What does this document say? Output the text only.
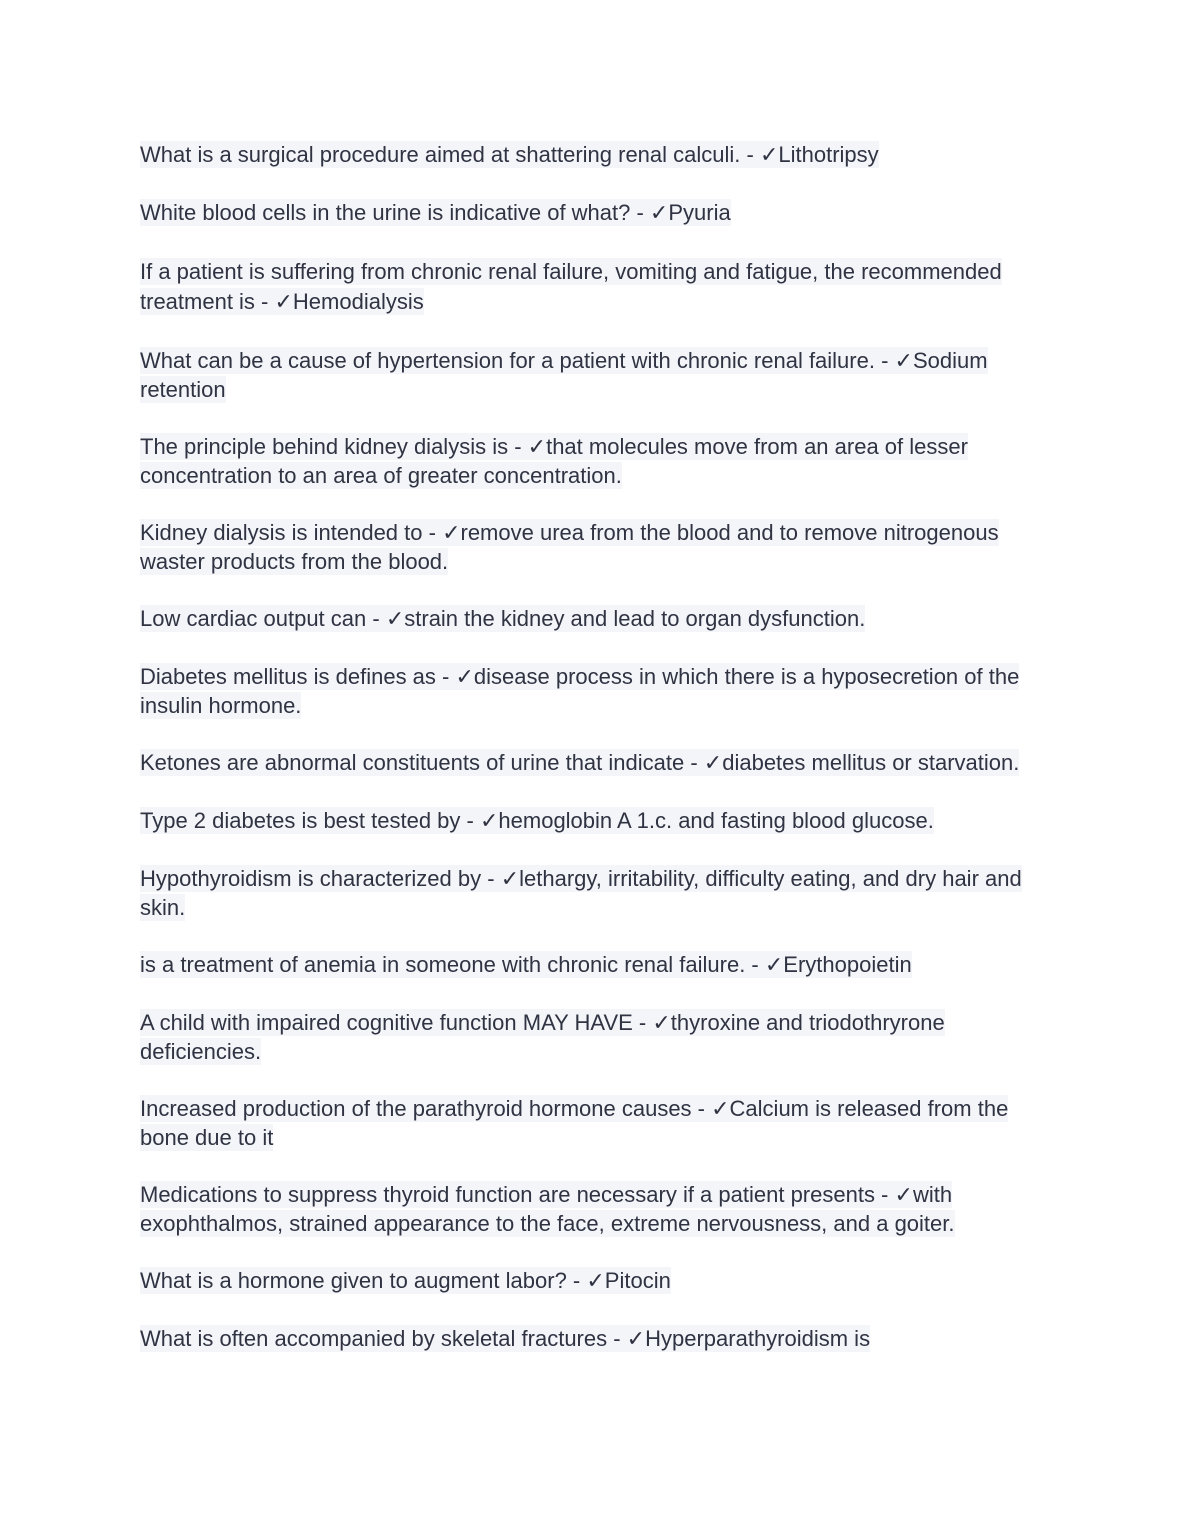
What is a surgical procedure aimed at shattering renal calculi. - ✓Lithotripsy
White blood cells in the urine is indicative of what? - ✓Pyuria
If a patient is suffering from chronic renal failure, vomiting and fatigue, the recommended treatment is - ✓Hemodialysis
What can be a cause of hypertension for a patient with chronic renal failure. - ✓Sodium retention
The principle behind kidney dialysis is - ✓that molecules move from an area of lesser concentration to an area of greater concentration.
Kidney dialysis is intended to - ✓remove urea from the blood and to remove nitrogenous waster products from the blood.
Low cardiac output can - ✓strain the kidney and lead to organ dysfunction.
Diabetes mellitus is defines as - ✓disease process in which there is a hyposecretion of the insulin hormone.
Ketones are abnormal constituents of urine that indicate - ✓diabetes mellitus or starvation.
Type 2 diabetes is best tested by - ✓hemoglobin A 1.c. and fasting blood glucose.
Hypothyroidism is characterized by - ✓lethargy, irritability, difficulty eating, and dry hair and skin.
is a treatment of anemia in someone with chronic renal failure. - ✓Erythopoietin
A child with impaired cognitive function MAY HAVE - ✓thyroxine and triodothryrone deficiencies.
Increased production of the parathyroid hormone causes - ✓Calcium is released from the bone due to it
Medications to suppress thyroid function are necessary if a patient presents - ✓with exophthalmos, strained appearance to the face, extreme nervousness, and a goiter.
What is a hormone given to augment labor? - ✓Pitocin
What is often accompanied by skeletal fractures - ✓Hyperparathyroidism is
